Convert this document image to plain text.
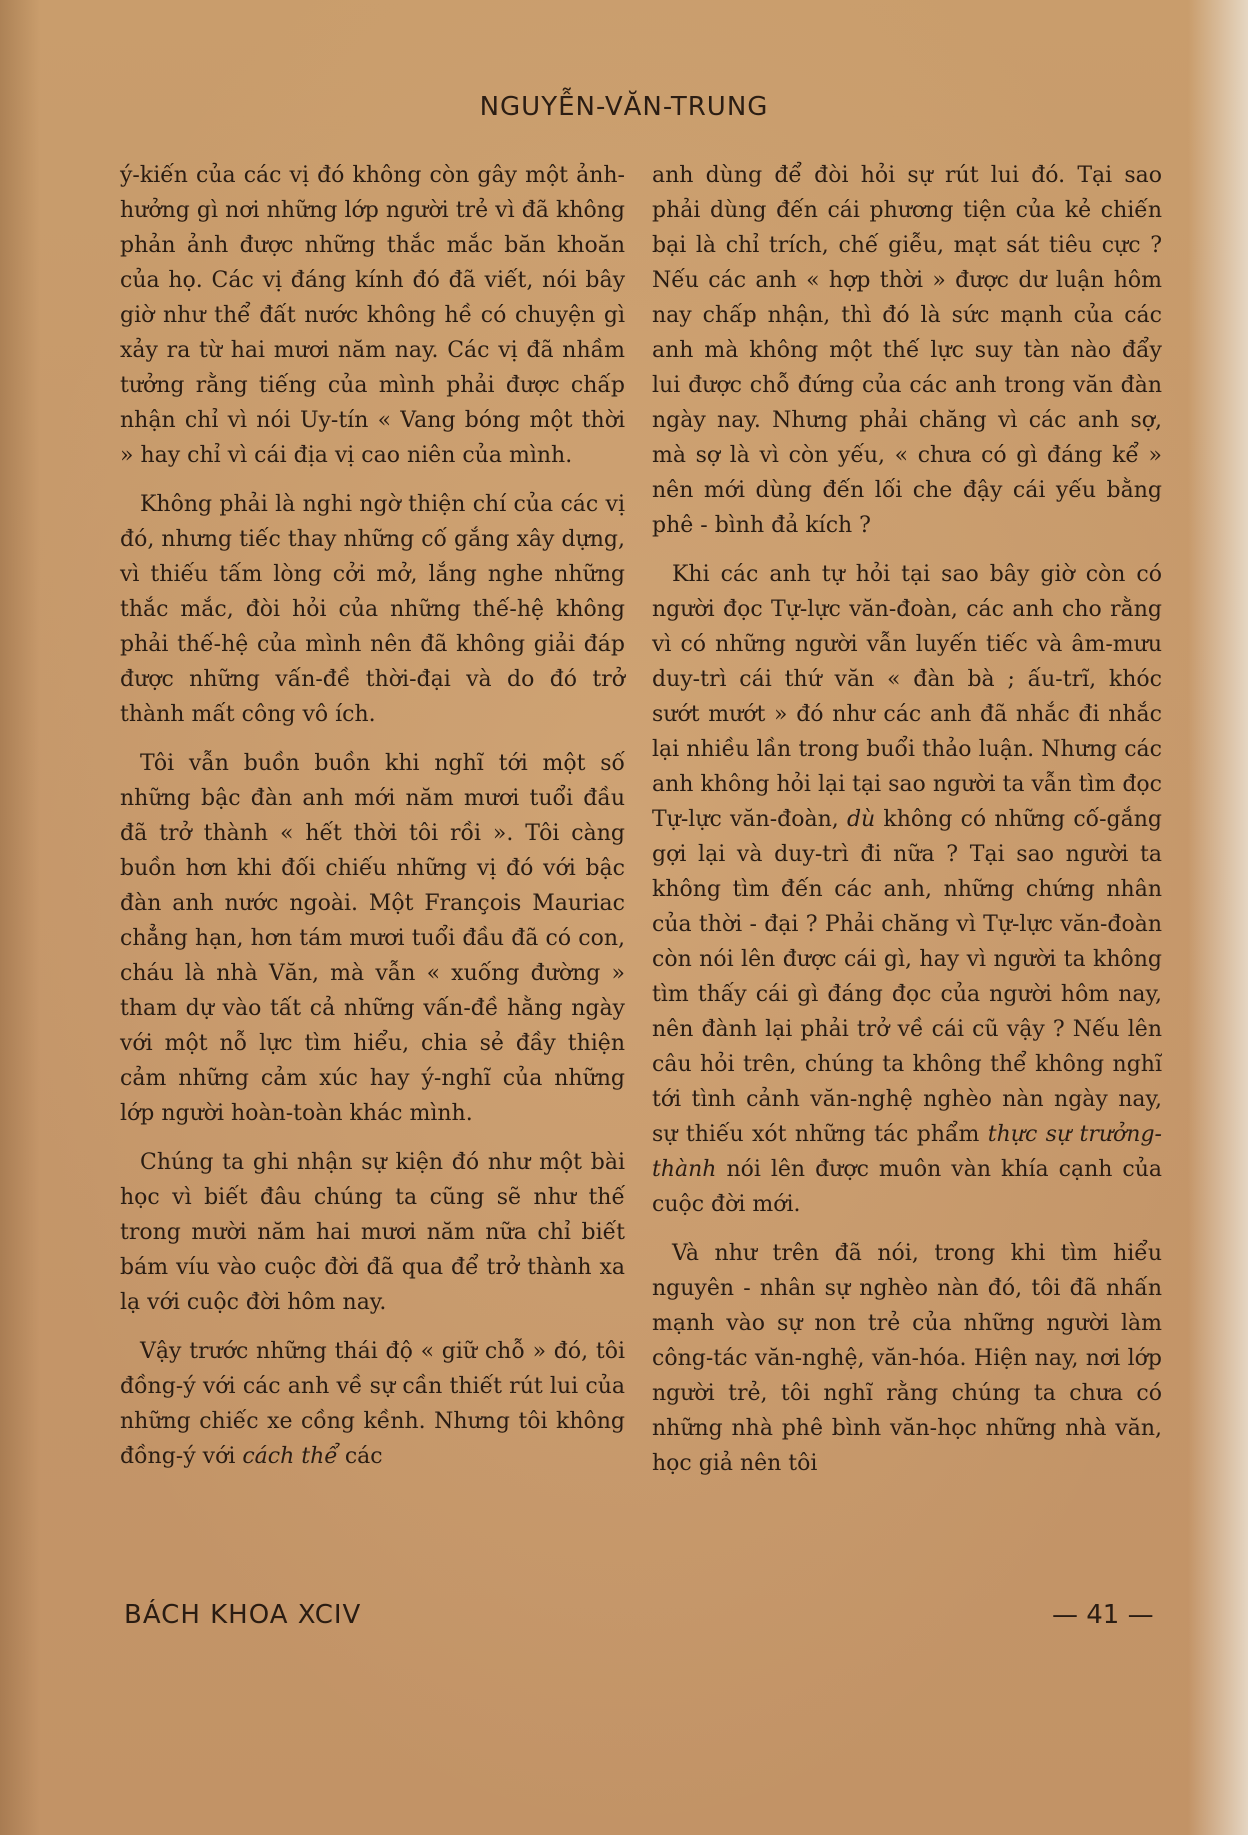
NGUYỄN-VĂN-TRUNG

ý-kiến của các vị đó không còn gây một ảnh-hưởng gì nơi những lớp người trẻ vì đã không phản ảnh được những thắc mắc băn khoăn của họ. Các vị đáng kính đó đã viết, nói bây giờ như thể đất nước không hề có chuyện gì xảy ra từ hai mươi năm nay. Các vị đã nhầm tưởng rằng tiếng của mình phải được chấp nhận chỉ vì nói Uy-tín « Vang bóng một thời » hay chỉ vì cái địa vị cao niên của mình.

Không phải là nghi ngờ thiện chí của các vị đó, nhưng tiếc thay những cố gắng xây dựng, vì thiếu tấm lòng cởi mở, lắng nghe những thắc mắc, đòi hỏi của những thế-hệ không phải thế-hệ của mình nên đã không giải đáp được những vấn-đề thời-đại và do đó trở thành mất công vô ích.

Tôi vẫn buồn buồn khi nghĩ tới một số những bậc đàn anh mới năm mươi tuổi đầu đã trở thành « hết thời tôi rồi ». Tôi càng buồn hơn khi đối chiếu những vị đó với bậc đàn anh nước ngoài. Một François Mauriac chẳng hạn, hơn tám mươi tuổi đầu đã có con, cháu là nhà Văn, mà vẫn « xuống đường » tham dự vào tất cả những vấn-đề hằng ngày với một nỗ lực tìm hiểu, chia sẻ đầy thiện cảm những cảm xúc hay ý-nghĩ của những lớp người hoàn-toàn khác mình.

Chúng ta ghi nhận sự kiện đó như một bài học vì biết đâu chúng ta cũng sẽ như thế trong mười năm hai mươi năm nữa chỉ biết bám víu vào cuộc đời đã qua để trở thành xa lạ với cuộc đời hôm nay.

Vậy trước những thái độ « giữ chỗ » đó, tôi đồng-ý với các anh về sự cần thiết rút lui của những chiếc xe cồng kềnh. Nhưng tôi không đồng-ý với cách thể các

anh dùng để đòi hỏi sự rút lui đó. Tại sao phải dùng đến cái phương tiện của kẻ chiến bại là chỉ trích, chế giễu, mạt sát tiêu cực ? Nếu các anh « hợp thời » được dư luận hôm nay chấp nhận, thì đó là sức mạnh của các anh mà không một thế lực suy tàn nào đẩy lui được chỗ đứng của các anh trong văn đàn ngày nay. Nhưng phải chăng vì các anh sợ, mà sợ là vì còn yếu, « chưa có gì đáng kể » nên mới dùng đến lối che đậy cái yếu bằng phê - bình đả kích ?

Khi các anh tự hỏi tại sao bây giờ còn có người đọc Tự-lực văn-đoàn, các anh cho rằng vì có những người vẫn luyến tiếc và âm-mưu duy-trì cái thứ văn « đàn bà ; ấu-trĩ, khóc sướt mướt » đó như các anh đã nhắc đi nhắc lại nhiều lần trong buổi thảo luận. Nhưng các anh không hỏi lại tại sao người ta vẫn tìm đọc Tự-lực văn-đoàn, dù không có những cố-gắng gợi lại và duy-trì đi nữa ? Tại sao người ta không tìm đến các anh, những chứng nhân của thời - đại ? Phải chăng vì Tự-lực văn-đoàn còn nói lên được cái gì, hay vì người ta không tìm thấy cái gì đáng đọc của người hôm nay, nên đành lại phải trở về cái cũ vậy ? Nếu lên câu hỏi trên, chúng ta không thể không nghĩ tới tình cảnh văn-nghệ nghèo nàn ngày nay, sự thiếu xót những tác phẩm thực sự trưởng-thành nói lên được muôn vàn khía cạnh của cuộc đời mới.

Và như trên đã nói, trong khi tìm hiểu nguyên - nhân sự nghèo nàn đó, tôi đã nhấn mạnh vào sự non trẻ của những người làm công-tác văn-nghệ, văn-hóa. Hiện nay, nơi lớp người trẻ, tôi nghĩ rằng chúng ta chưa có những nhà phê bình văn-học những nhà văn, học giả nên tôi

BÁCH KHOA XCIV	— 41 —
